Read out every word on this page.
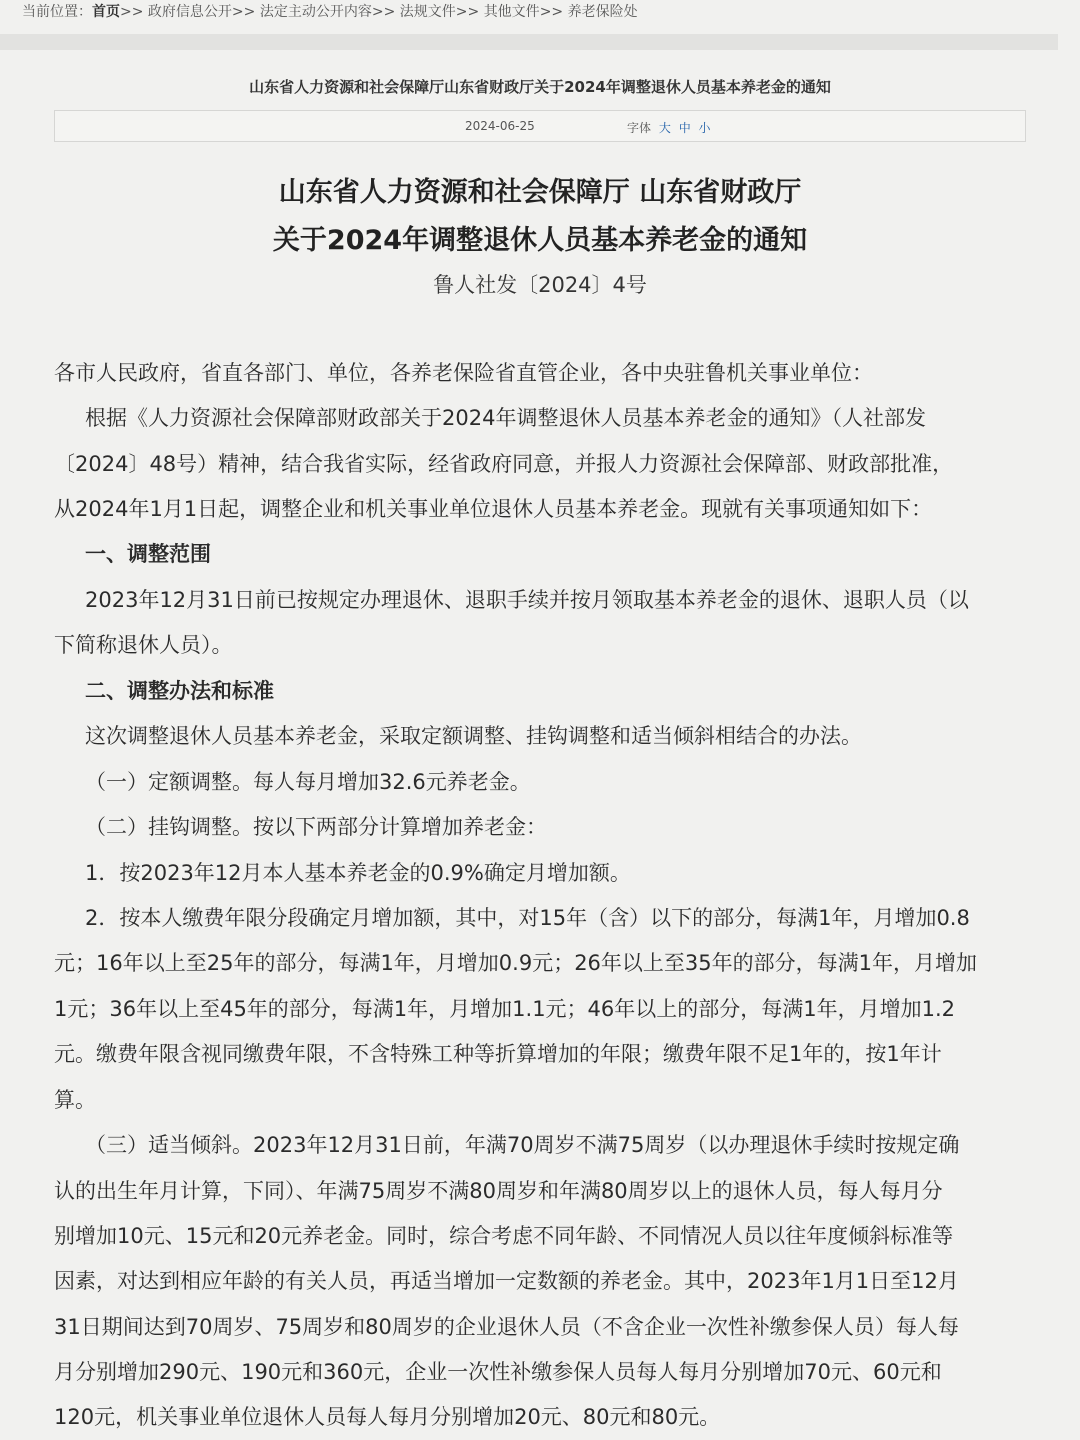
当前位置：首页>> 政府信息公开>> 法定主动公开内容>> 法规文件>> 其他文件>> 养老保险处
山东省人力资源和社会保障厅山东省财政厅关于2024年调整退休人员基本养老金的通知
2024-06-25	字体 大 中 小
山东省人力资源和社会保障厅 山东省财政厅
关于2024年调整退休人员基本养老金的通知
鲁人社发〔2024〕4号
各市人民政府，省直各部门、单位，各养老保险省直管企业，各中央驻鲁机关事业单位：
根据《人力资源社会保障部财政部关于2024年调整退休人员基本养老金的通知》（人社部发
〔2024〕48号）精神，结合我省实际，经省政府同意，并报人力资源社会保障部、财政部批准，
从2024年1月1日起，调整企业和机关事业单位退休人员基本养老金。现就有关事项通知如下：
一、调整范围
2023年12月31日前已按规定办理退休、退职手续并按月领取基本养老金的退休、退职人员（以
下简称退休人员）。
二、调整办法和标准
这次调整退休人员基本养老金，采取定额调整、挂钩调整和适当倾斜相结合的办法。
（一）定额调整。每人每月增加32.6元养老金。
（二）挂钩调整。按以下两部分计算增加养老金：
1．按2023年12月本人基本养老金的0.9%确定月增加额。
2．按本人缴费年限分段确定月增加额，其中，对15年（含）以下的部分，每满1年，月增加0.8
元；16年以上至25年的部分，每满1年，月增加0.9元；26年以上至35年的部分，每满1年，月增加
1元；36年以上至45年的部分，每满1年，月增加1.1元；46年以上的部分，每满1年，月增加1.2
元。缴费年限含视同缴费年限，不含特殊工种等折算增加的年限；缴费年限不足1年的，按1年计
算。
（三）适当倾斜。2023年12月31日前，年满70周岁不满75周岁（以办理退休手续时按规定确
认的出生年月计算，下同）、年满75周岁不满80周岁和年满80周岁以上的退休人员，每人每月分
别增加10元、15元和20元养老金。同时，综合考虑不同年龄、不同情况人员以往年度倾斜标准等
因素，对达到相应年龄的有关人员，再适当增加一定数额的养老金。其中，2023年1月1日至12月
31日期间达到70周岁、75周岁和80周岁的企业退休人员（不含企业一次性补缴参保人员）每人每
月分别增加290元、190元和360元，企业一次性补缴参保人员每人每月分别增加70元、60元和
120元，机关事业单位退休人员每人每月分别增加20元、80元和80元。
